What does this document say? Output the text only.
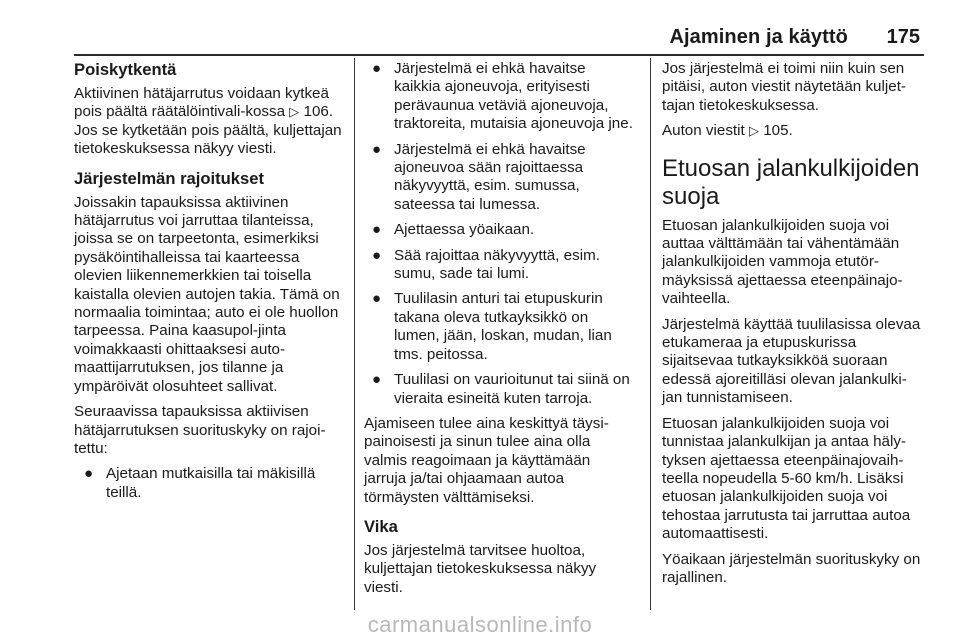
Ajaminen ja käyttö 175
Poiskytkentä

Aktiivinen hätäjarrutus voidaan kytkeä pois päältä räätälöintivali-kossa ▷ 106. Jos se kytketään pois päältä, kuljettajan tietokeskuksessa näkyy viesti.

Järjestelmän rajoitukset

Joissakin tapauksissa aktiivinen hätäjarrutus voi jarruttaa tilanteissa, joissa se on tarpeetonta, esimerkiksi pysäköintihalleissa tai kaarteessa olevien liikennemerkkien tai toisella kaistalla olevien autojen takia. Tämä on normaalia toimintaa; auto ei ole huollon tarpeessa. Paina kaasupol-jinta voimakkaasti ohittaaksesi auto-maattijarrutuksen, jos tilanne ja ympäröivät olosuhteet sallivat.

Seuraavissa tapauksissa aktiivisen hätäjarrutuksen suorituskyky on rajoi-tettu:

● Ajetaan mutkaisilla tai mäkisillä teillä.
● Järjestelmä ei ehkä havaitse kaikkia ajoneuvoja, erityisesti perävaunua vetäviä ajoneuvoja, traktoreita, mutaisia ajoneuvoja jne.
● Järjestelmä ei ehkä havaitse ajoneuvoa sään rajoittaessa näkyvyyttä, esim. sumussa, sateessa tai lumessa.
● Ajettaessa yöaikaan.
● Sää rajoittaa näkyvyyttä, esim. sumu, sade tai lumi.
● Tuulilasin anturi tai etupuskurin takana oleva tutkayksikkö on lumen, jään, loskan, mudan, lian tms. peitossa.
● Tuulilasi on vaurioitunut tai siinä on vieraita esineitä kuten tarroja.

Ajamiseen tulee aina keskittyä täysi-painoisesti ja sinun tulee aina olla valmis reagoimaan ja käyttämään jarruja ja/tai ohjaamaan autoa törmäysten välttämiseksi.

Vika

Jos järjestelmä tarvitsee huoltoa, kuljettajan tietokeskuksessa näkyy viesti.

Jos järjestelmä ei toimi niin kuin sen pitäisi, auton viestit näytetään kuljet-tajan tietokeskuksessa.

Auton viestit ▷ 105.

Etuosan jalankulkijoiden suoja

Etuosan jalankulkijoiden suoja voi auttaa välttämään tai vähentämään jalankulkijoiden vammoja etutör-mäyksissä ajettaessa eteenpäinajo-vaihteella.

Järjestelmä käyttää tuulilasissa olevaa etukameraa ja etupuskurissa sijaitsevaa tutkayksikköä suoraan edessä ajoreitilläsi olevan jalankulki-jan tunnistamiseen.

Etuosan jalankulkijoiden suoja voi tunnistaa jalankulkijan ja antaa häly-tyksen ajettaessa eteenpäinajovaih-teella nopeudella 5-60 km/h. Lisäksi etuosan jalankulkijoiden suoja voi tehostaa jarrutusta tai jarruttaa autoa automaattisesti.

Yöaikaan järjestelmän suorituskyky on rajallinen.

carmanualsonline.info
